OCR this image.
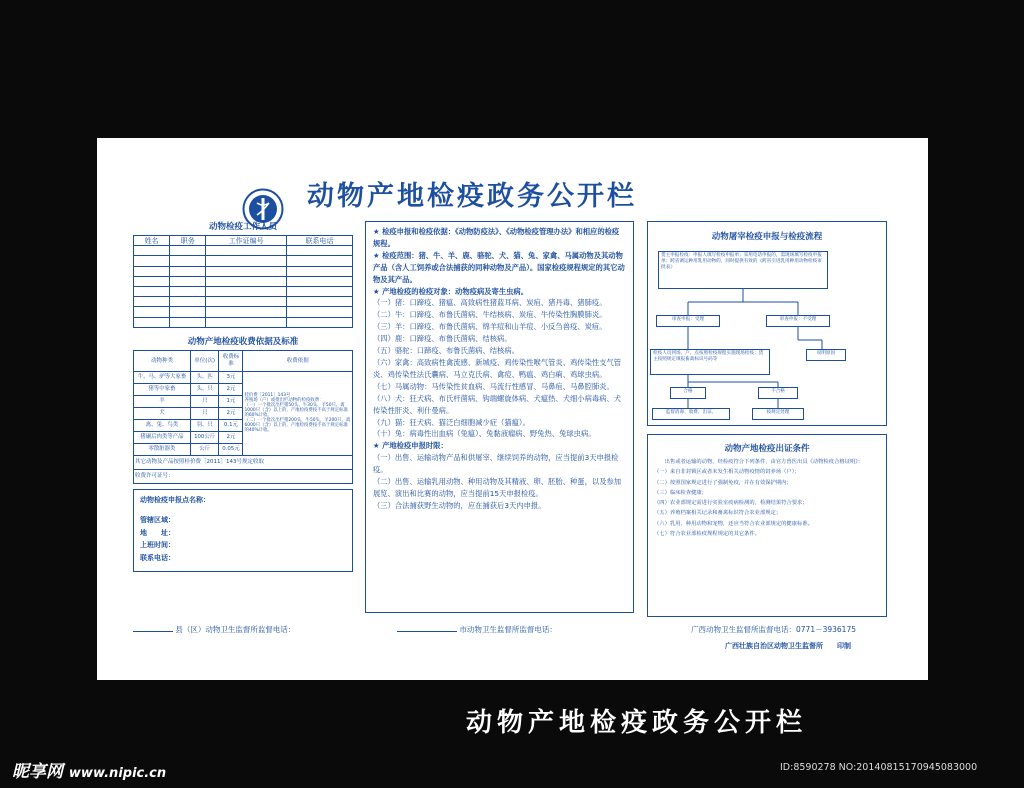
动物产地检疫政务公开栏
动物检疫工作人员
姓名	职务	工作证编号	联系电话

动物产地检疫收费依据及标准
动物种类	单位(次)	收费标准	收费依据
牛、马、驴等大家畜	头、匹	3元	桂价费［2011］143号
养殖场（户）或批出栏动物的检疫收费：
（一）一个批次出栏猪50头、牛30头、羊50只、禽1000只（含）以上的，产地检疫费按不高于规定标准的60%计收。
（二）一个批次出栏猪200头，牛50头，羊200只，禽6000只（含）以上的，产地检疫费按不高于规定标准的40%计收。

猪等中家畜	头、只	2元	
羊	只	1元	
犬	只	2元	
禽、兔、鸟类	羽、只	0.1元	
猪碾后肉类等产品	100公斤	2元	
零散脏器类	公斤	0.05元	
其它动物及产品按照桂价费［2011］143号规定收取			
收费许可证号：			
动物检疫申报点名称：
管辖区域：
地　　址：
上班时间：
联系电话：

★ 检疫申报和检疫依据：《动物防疫法》、《动物检疫管理办法》和相应的检疫规程。

★ 检疫范围：猪、牛、羊、鹿、骆驼、犬、猫、兔、家禽、马属动物及其动物产品（含人工饲养或合法捕获的同种动物及产品）。国家检疫规程规定的其它动物及其产品。

★ 产地检疫的检疫对象：动物疫病及寄生虫病。

（一）猪：口蹄疫、猪瘟、高致病性猪蓝耳病、炭疽、猪丹毒、猪肺疫。

（二）牛：口蹄疫、布鲁氏菌病、牛结核病、炭疽、牛传染性胸膜肺炎。

（三）羊：口蹄疫、布鲁氏菌病、绵羊痘和山羊痘、小反刍兽疫、炭疽。

（四）鹿：口蹄疫、布鲁氏菌病、结核病。

（五）骆驼：口蹄疫、布鲁氏菌病、结核病。

（六）家禽：高致病性禽流感、新城疫、鸡传染性喉气管炎、鸡传染性支气管炎、鸡传染性法氏囊病、马立克氏病、禽痘、鸭瘟、鸡白痢、鸡球虫病。

（七）马属动物：马传染性贫血病、马流行性感冒、马鼻疽、马鼻腔肺炎。

（八）犬：狂犬病、布氏杆菌病、钩端螺旋体病、犬瘟热、犬细小病毒病、犬传染性肝炎、利什曼病。

（九）猫：狂犬病、猫泛白细胞减少症（猫瘟）。

（十）兔：病毒性出血病（兔瘟）、兔黏液瘤病、野兔热、兔球虫病。

★ 产地检疫申报时限：

（一）出售、运输动物产品和供屠宰、继续饲养的动物，应当提前3天申报检疫。

（二）出售、运输乳用动物、种用动物及其精液、卵、胚胎、种蛋，以及参加展览、演出和比赛的动物，应当提前15天申报检疫。

（三）合法捕获野生动物的，应在捕获后3天内申报。

动物屠宰检疫申报与检疫流程
货主申报检疫：申报人填写检疫申报单；采用电话申报的，需现场填写检疫申报单；跨省调运种用乳用动物的，同时提供有效的《跨省引进乳用种用动物检疫审批表》
审查申报：受理	审查申报：不受理
说明原因
检疫人员到场、户、点按照检疫规程实施现场检疫；货主按照规定填报畜禽标识号码等
合格	不合格
监督消毒、收费、出证。	按规定处理
动物产地检疫出证条件

出售或者运输的动物，经检疫符合下列条件，由官方兽医出具《动物检疫合格证明》：

（一）来自非封锁区或者未发生相关动物疫情的饲养场（户）；

（二）按照国家规定进行了强制免疫，并在有效保护期内；

（三）临床检查健康；

（四）农业部规定需进行实验室疫病检测的，检测结果符合要求；

（五）养殖档案相关记录和畜禽标识符合农业部规定；

（六）乳用、种用动物和宠物，还应当符合农业部规定的健康标准。

（七）符合农业部检疫规程规定的其它条件。

县（区）动物卫生监督所监督电话：	市动物卫生监督所监督电话：	广西动物卫生监督所监督电话：0771－3936175
广西壮族自治区动物卫生监督所　　印制
动物产地检疫政务公开栏
昵享网 www.nipic.cn	ID:8590278 NO:20140815170945083000
